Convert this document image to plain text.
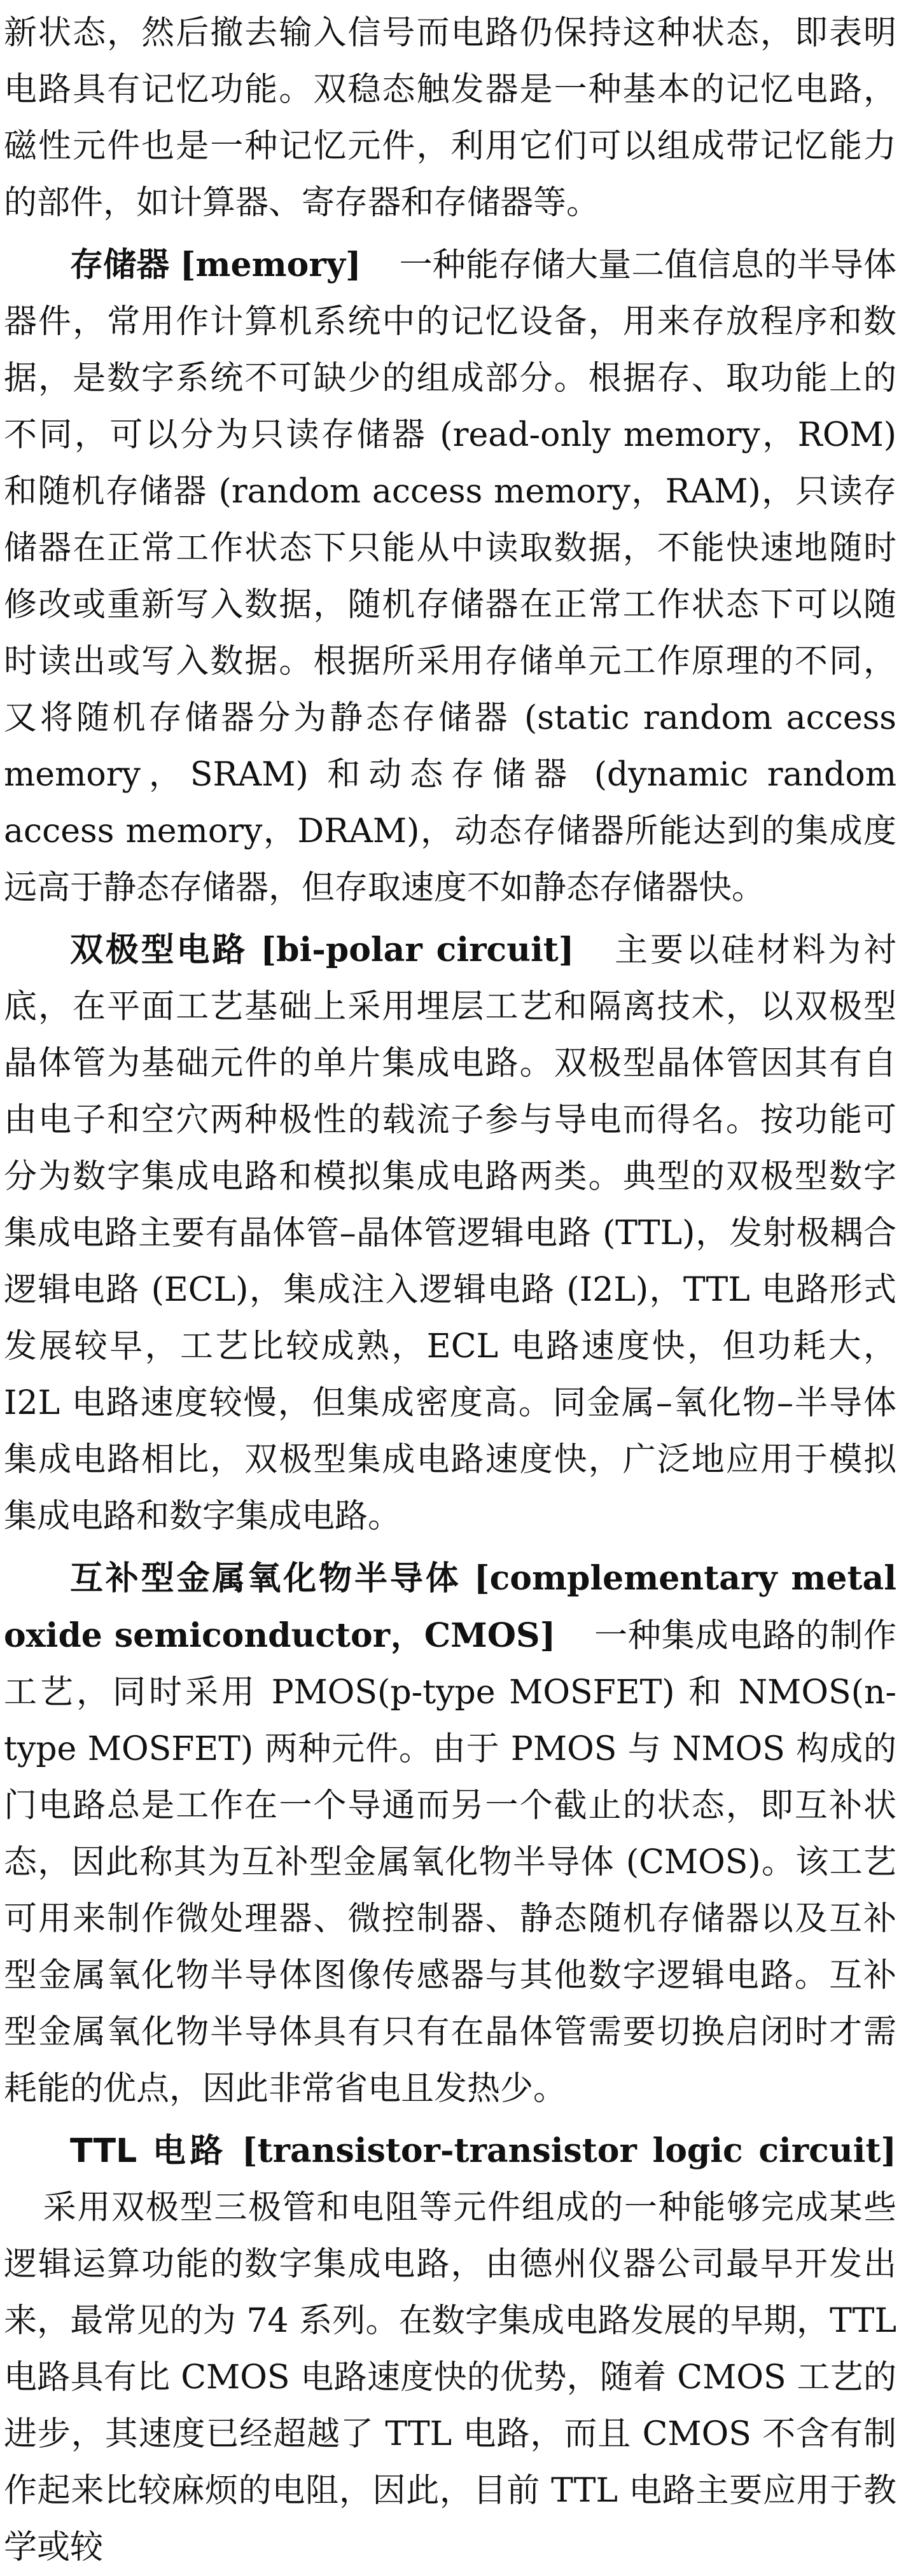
新状态，然后撤去输入信号而电路仍保持这种状态，即表明电路具有记忆功能。双稳态触发器是一种基本的记忆电路，磁性元件也是一种记忆元件，利用它们可以组成带记忆能力的部件，如计算器、寄存器和存储器等。

存储器 [memory] 一种能存储大量二值信息的半导体器件，常用作计算机系统中的记忆设备，用来存放程序和数据，是数字系统不可缺少的组成部分。根据存、取功能上的不同，可以分为只读存储器 (read-only memory，ROM) 和随机存储器 (random access memory，RAM)，只读存储器在正常工作状态下只能从中读取数据，不能快速地随时修改或重新写入数据，随机存储器在正常工作状态下可以随时读出或写入数据。根据所采用存储单元工作原理的不同，又将随机存储器分为静态存储器 (static random access memory，SRAM) 和动态存储器 (dynamic random access memory，DRAM)，动态存储器所能达到的集成度远高于静态存储器，但存取速度不如静态存储器快。

双极型电路 [bi-polar circuit] 主要以硅材料为衬底，在平面工艺基础上采用埋层工艺和隔离技术，以双极型晶体管为基础元件的单片集成电路。双极型晶体管因其有自由电子和空穴两种极性的载流子参与导电而得名。按功能可分为数字集成电路和模拟集成电路两类。典型的双极型数字集成电路主要有晶体管–晶体管逻辑电路 (TTL)，发射极耦合逻辑电路 (ECL)，集成注入逻辑电路 (I2L)，TTL 电路形式发展较早，工艺比较成熟，ECL 电路速度快，但功耗大，I2L 电路速度较慢，但集成密度高。同金属–氧化物–半导体集成电路相比，双极型集成电路速度快，广泛地应用于模拟集成电路和数字集成电路。

互补型金属氧化物半导体 [complementary metal oxide semiconductor，CMOS] 一种集成电路的制作工艺，同时采用 PMOS(p-type MOSFET) 和 NMOS(n-type MOSFET) 两种元件。由于 PMOS 与 NMOS 构成的门电路总是工作在一个导通而另一个截止的状态，即互补状态，因此称其为互补型金属氧化物半导体 (CMOS)。该工艺可用来制作微处理器、微控制器、静态随机存储器以及互补型金属氧化物半导体图像传感器与其他数字逻辑电路。互补型金属氧化物半导体具有只有在晶体管需要切换启闭时才需耗能的优点，因此非常省电且发热少。

TTL 电路 [transistor-transistor logic circuit]采用双极型三极管和电阻等元件组成的一种能够完成某些逻辑运算功能的数字集成电路，由德州仪器公司最早开发出来，最常见的为 74 系列。在数字集成电路发展的早期，TTL 电路具有比 CMOS 电路速度快的优势，随着 CMOS 工艺的进步，其速度已经超越了 TTL 电路，而且 CMOS 不含有制作起来比较麻烦的电阻，因此，目前 TTL 电路主要应用于教学或较
